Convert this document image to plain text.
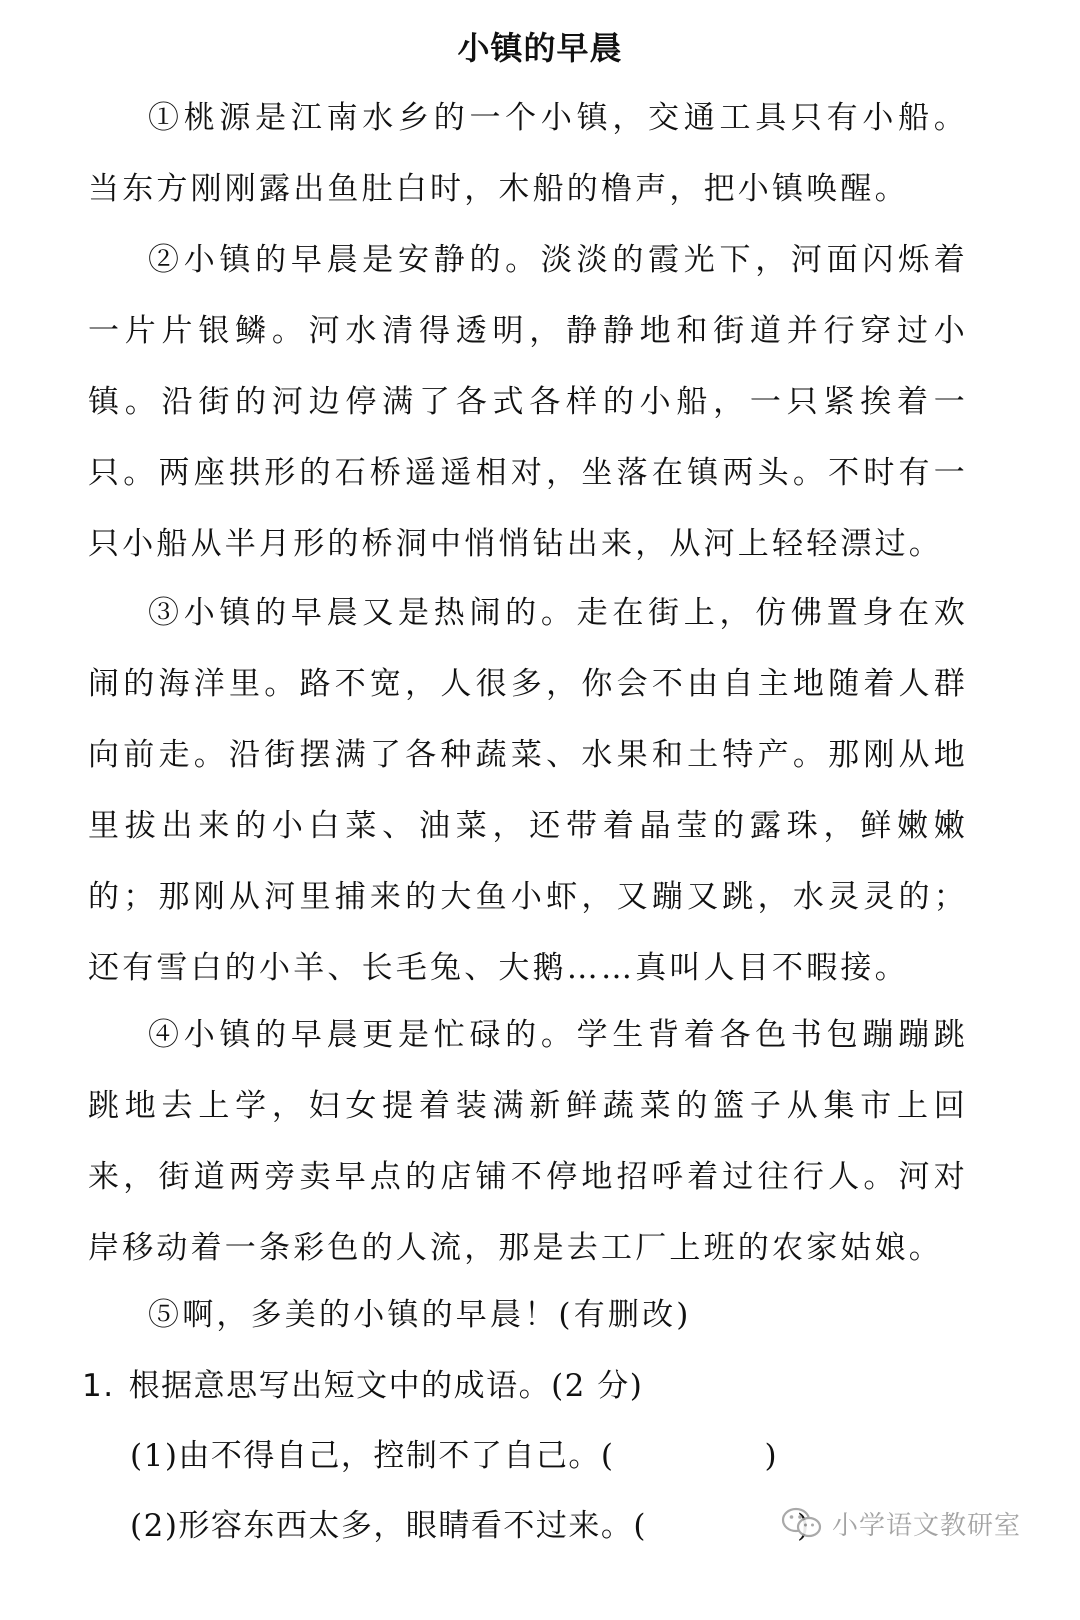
小镇的早晨

①桃源是江南水乡的一个小镇，交通工具只有小船。当东方刚刚露出鱼肚白时，木船的橹声，把小镇唤醒。

②小镇的早晨是安静的。淡淡的霞光下，河面闪烁着一片片银鳞。河水清得透明，静静地和街道并行穿过小镇。沿街的河边停满了各式各样的小船，一只紧挨着一只。两座拱形的石桥遥遥相对，坐落在镇两头。不时有一只小船从半月形的桥洞中悄悄钻出来，从河上轻轻漂过。

③小镇的早晨又是热闹的。走在街上，仿佛置身在欢闹的海洋里。路不宽，人很多，你会不由自主地随着人群向前走。沿街摆满了各种蔬菜、水果和土特产。那刚从地里拔出来的小白菜、油菜，还带着晶莹的露珠，鲜嫩嫩的；那刚从河里捕来的大鱼小虾，又蹦又跳，水灵灵的；还有雪白的小羊、长毛兔、大鹅……真叫人目不暇接。

④小镇的早晨更是忙碌的。学生背着各色书包蹦蹦跳跳地去上学，妇女提着装满新鲜蔬菜的篮子从集市上回来，街道两旁卖早点的店铺不停地招呼着过往行人。河对岸移动着一条彩色的人流，那是去工厂上班的农家姑娘。

⑤啊，多美的小镇的早晨！(有删改)

1. 根据意思写出短文中的成语。(2 分)
(1)由不得自己，控制不了自己。(	)
(2)形容东西太多，眼睛看不过来。(	小学语文教研室
